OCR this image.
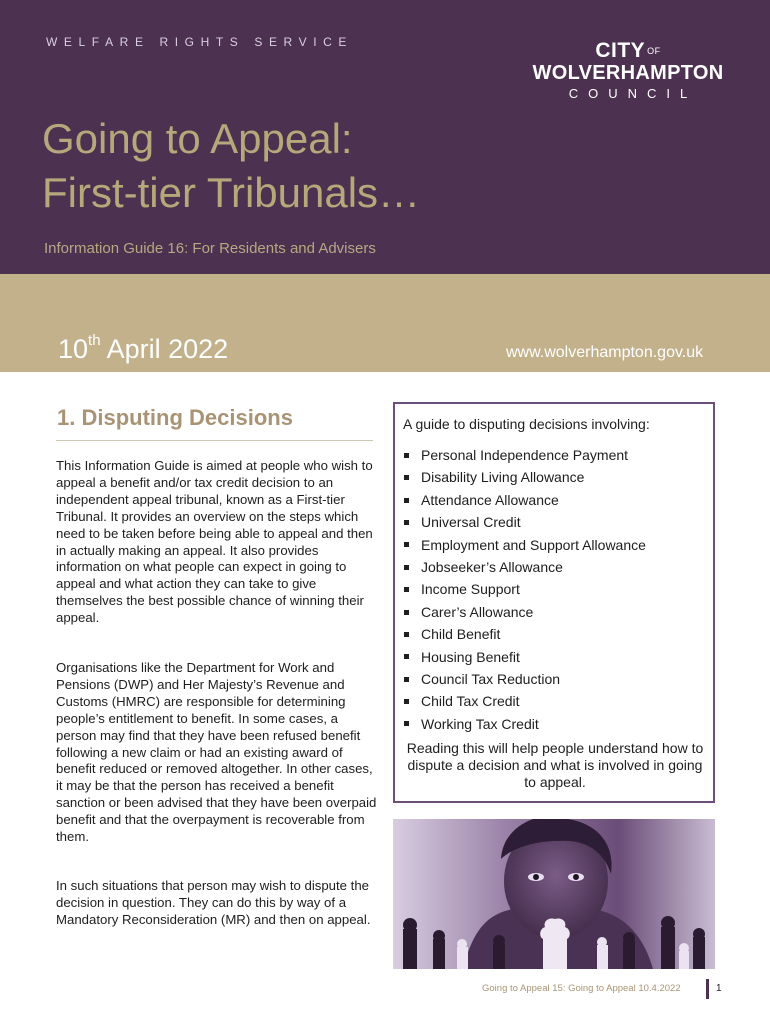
WELFARE RIGHTS SERVICE	CITY $^{OF}$
WOLVERHAMPTON
COUNCIL
Going to Appeal:
First-tier Tribunals…
Information Guide 16: For Residents and Advisers
10th April 2022	www.wolverhampton.gov.uk
1. Disputing Decisions

This Information Guide is aimed at people who wish to appeal a benefit and/or tax credit decision to an independent appeal tribunal, known as a First-tier Tribunal. It provides an overview on the steps which need to be taken before being able to appeal and then in actually making an appeal. It also provides information on what people can expect in going to appeal and what action they can take to give themselves the best possible chance of winning their appeal.

Organisations like the Department for Work and Pensions (DWP) and Her Majesty’s Revenue and Customs (HMRC) are responsible for determining people’s entitlement to benefit. In some cases, a person may find that they have been refused benefit following a new claim or had an existing award of benefit reduced or removed altogether. In other cases, it may be that the person has received a benefit sanction or been advised that they have been overpaid benefit and that the overpayment is recoverable from them.

In such situations that person may wish to dispute the decision in question. They can do this by way of a Mandatory Reconsideration (MR) and then on appeal.

A guide to disputing decisions involving:
Personal Independence Payment
Disability Living Allowance
Attendance Allowance
Universal Credit
Employment and Support Allowance
Jobseeker’s Allowance
Income Support
Carer’s Allowance
Child Benefit
Housing Benefit
Council Tax Reduction
Child Tax Credit
Working Tax Credit
Reading this will help people understand how to dispute a decision and what is involved in going to appeal.
Going to Appeal 15: Going to Appeal 10.4.2022	1
